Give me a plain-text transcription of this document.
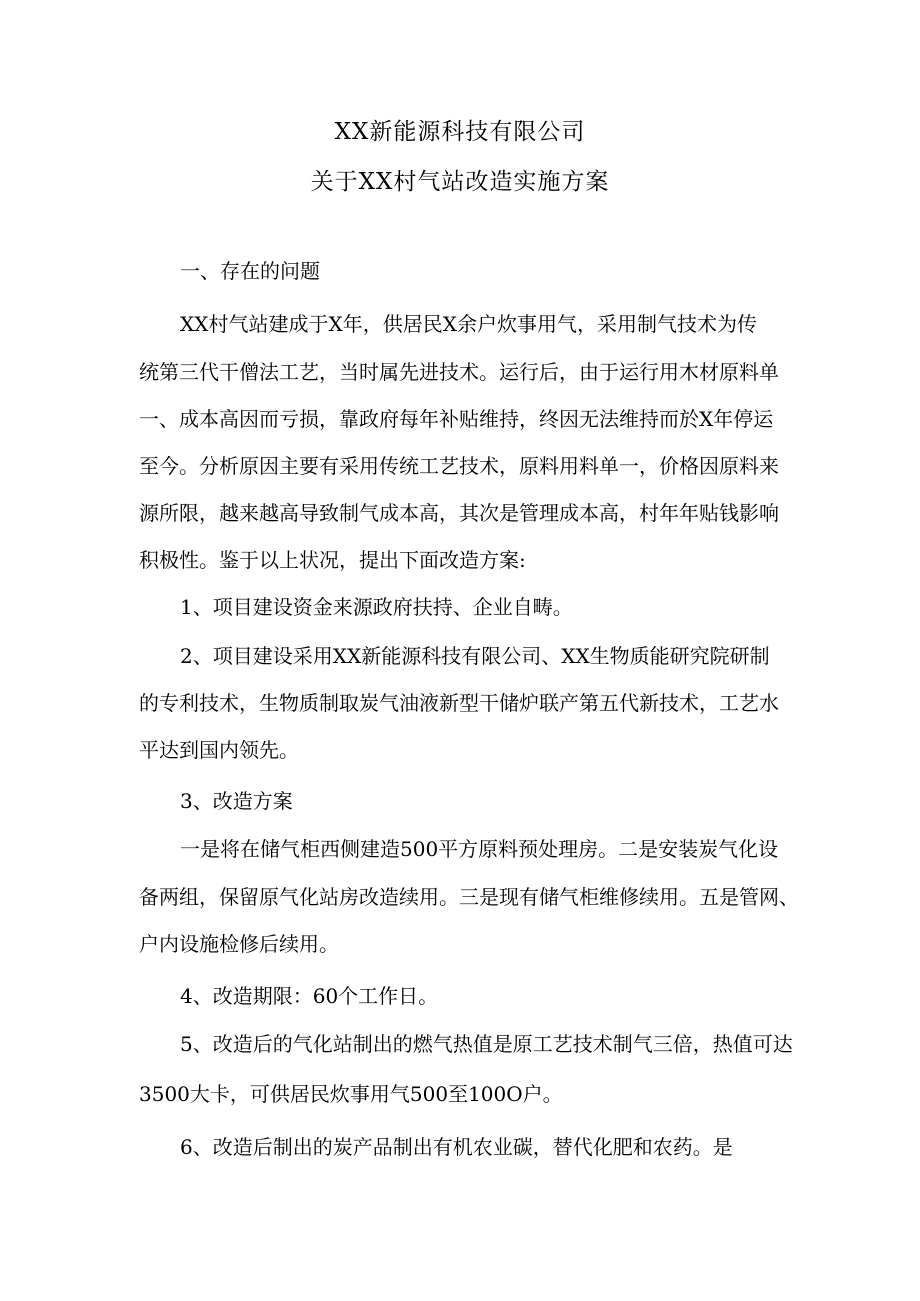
XX新能源科技有限公司
关于XX村气站改造实施方案
一、存在的问题
XX村气站建成于X年，供居民X余户炊事用气，采用制气技术为传
统第三代干僧法工艺，当时属先进技术。运行后，由于运行用木材原料单
一、成本高因而亏损，靠政府每年补贴维持，终因无法维持而於X年停运
至今。分析原因主要有采用传统工艺技术，原料用料单一，价格因原料来
源所限，越来越高导致制气成本高，其次是管理成本高，村年年贴钱影响
积极性。鉴于以上状况，提出下面改造方案:
1、项目建设资金来源政府扶持、企业自畴。
2、项目建设采用XX新能源科技有限公司、XX生物质能研究院研制
的专利技术，生物质制取炭气油液新型干储炉联产第五代新技术，工艺水
平达到国内领先。
3、改造方案
一是将在储气柜西侧建造500平方原料预处理房。二是安装炭气化设
备两组，保留原气化站房改造续用。三是现有储气柜维修续用。五是管网、
户内设施检修后续用。
4、改造期限：60个工作日。
5、改造后的气化站制出的燃气热值是原工艺技术制气三倍，热值可达
3500大卡，可供居民炊事用气500至100O户。
6、改造后制出的炭产品制出有机农业碳，替代化肥和农药。是
